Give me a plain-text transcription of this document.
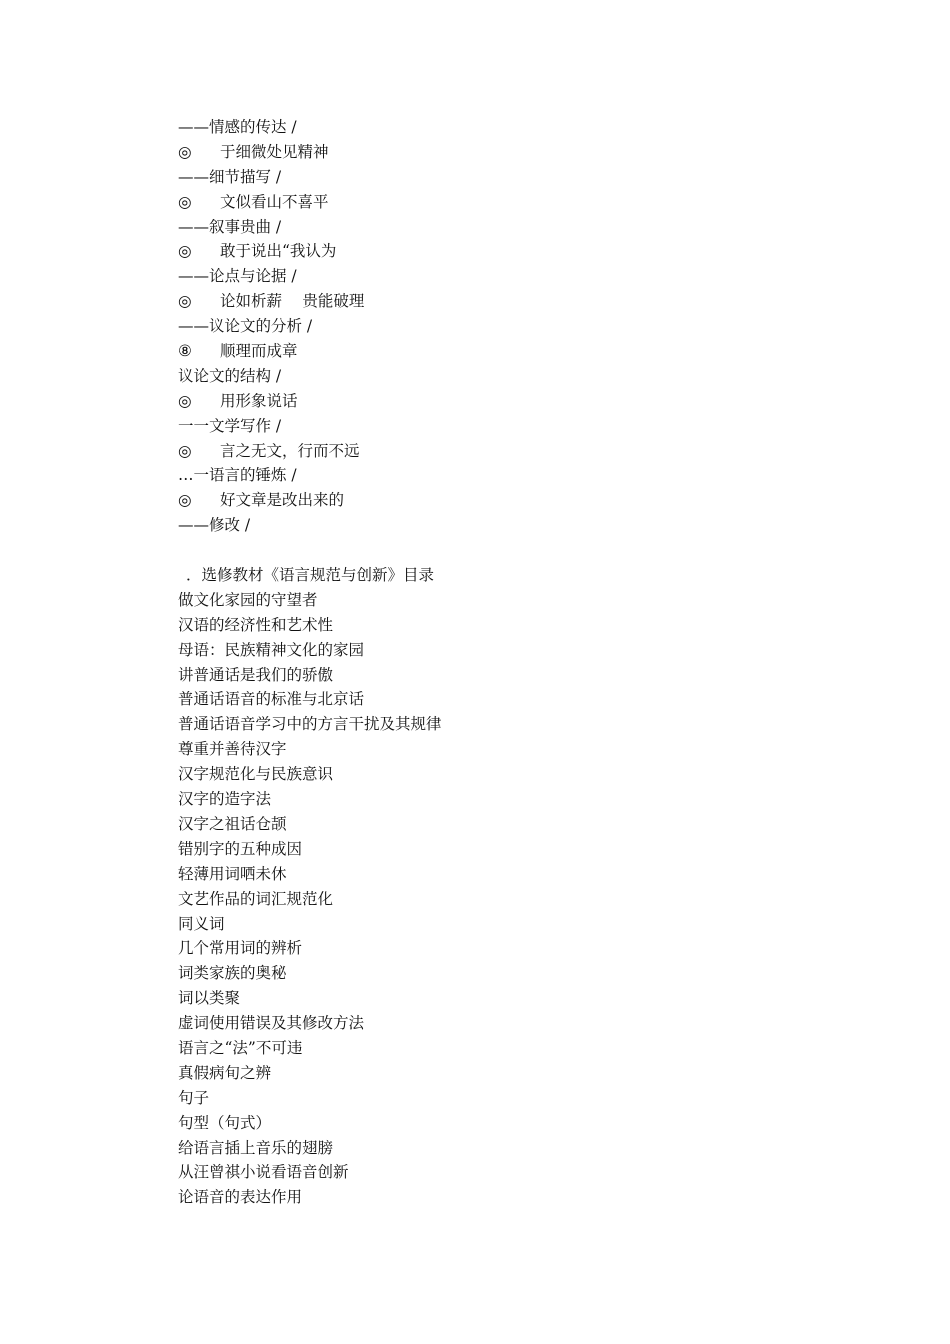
——情感的传达 /
◎ 于细微处见精神
——细节描写 /
◎ 文似看山不喜平
——叙事贵曲 /
◎ 敢于说出“我认为
——论点与论据 /
◎ 论如析薪　 贵能破理
——议论文的分析 /
⑧ 顺理而成章
议论文的结构 /
◎ 用形象说话
一一文学写作 /
◎ 言之无文，行而不远
…一语言的锤炼 /
◎ 好文章是改出来的
——修改 /
．选修教材《语言规范与创新》目录
做文化家园的守望者
汉语的经济性和艺术性
母语：民族精神文化的家园
讲普通话是我们的骄傲
普通话语音的标准与北京话
普通话语音学习中的方言干扰及其规律
尊重并善待汉字
汉字规范化与民族意识
汉字的造字法
汉字之祖话仓颉
错别字的五种成因
轻薄用词哂未休
文艺作品的词汇规范化
同义词
几个常用词的辨析
词类家族的奥秘
词以类聚
虚词使用错误及其修改方法
语言之“法”不可违
真假病旬之辨
句子
句型（句式）
给语言插上音乐的翅膀
从汪曾祺小说看语音创新
论语音的表达作用
